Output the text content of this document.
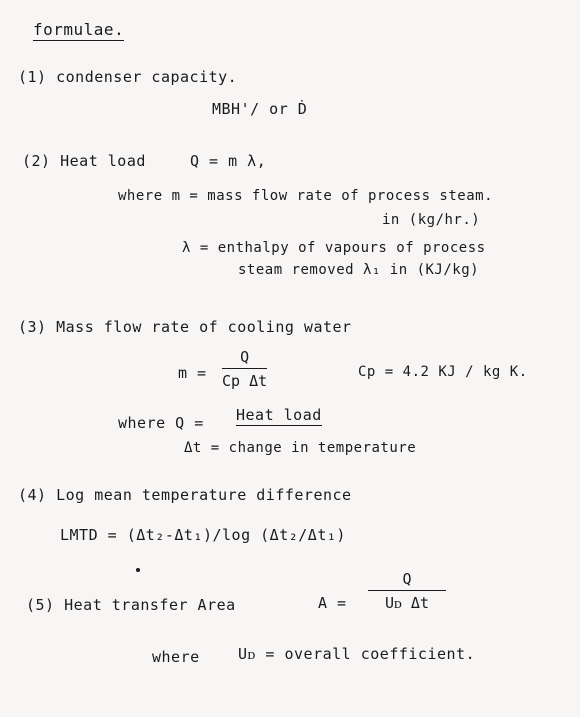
formulae.
(1) condenser capacity.
MBH'/ or Ḋ
(2) Heat load	Q = m λ,
where m = mass flow rate of process steam.
in (kg/hr.)
λ = enthalpy of vapours of process
steam removed λ₁ in (KJ/kg)
(3) Mass flow rate of cooling water
m =
Q
Cp Δt	Cp = 4.2 KJ / kg K.
where Q = Heat load
Δt = change in temperature
(4) Log mean temperature difference
LMTD = (Δt₂-Δt₁)/log (Δt₂/Δt₁)
(5) Heat transfer Area	A =
Q
Uᴅ Δt
where	Uᴅ = overall coefficient.
